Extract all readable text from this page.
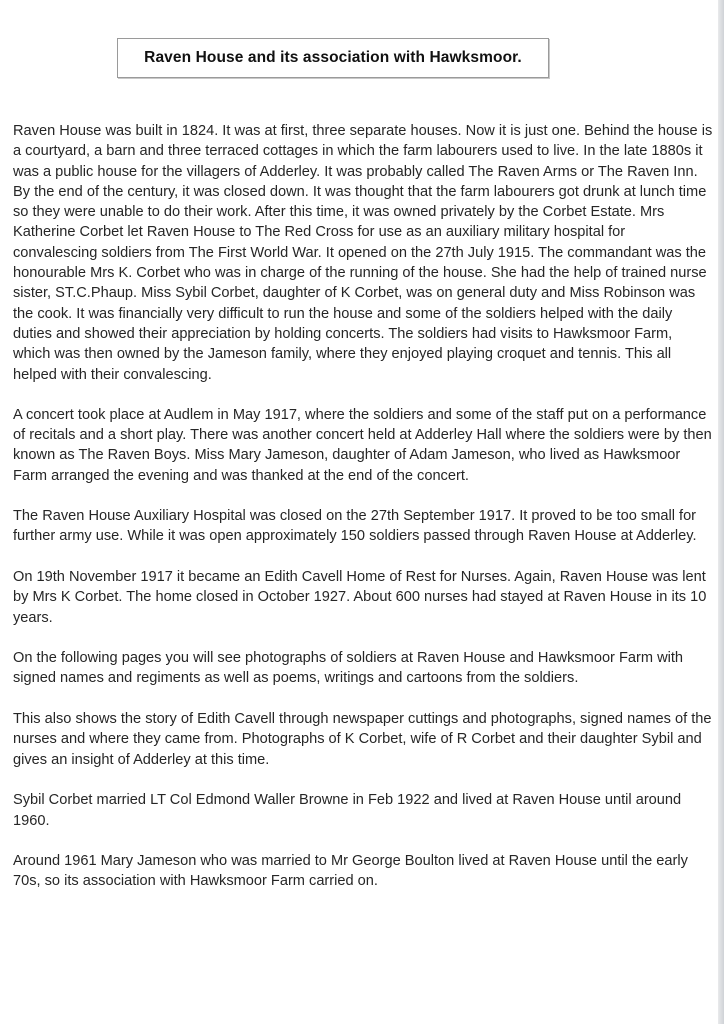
Raven House and its association with Hawksmoor.

Raven House was built in 1824. It was at first, three separate houses. Now it is just one. Behind the house is a courtyard, a barn and three terraced cottages in which the farm labourers used to live. In the late 1880s it was a public house for the villagers of Adderley. It was probably called The Raven Arms or The Raven Inn. By the end of the century, it was closed down. It was thought that the farm labourers got drunk at lunch time so they were unable to do their work. After this time, it was owned privately by the Corbet Estate. Mrs Katherine Corbet let Raven House to The Red Cross for use as an auxiliary military hospital for convalescing soldiers from The First World War. It opened on the 27th July 1915. The commandant was the honourable Mrs K. Corbet who was in charge of the running of the house. She had the help of trained nurse sister, ST.C.Phaup. Miss Sybil Corbet, daughter of K Corbet, was on general duty and Miss Robinson was the cook. It was financially very difficult to run the house and some of the soldiers helped with the daily duties and showed their appreciation by holding concerts. The soldiers had visits to Hawksmoor Farm, which was then owned by the Jameson family, where they enjoyed playing croquet and tennis. This all helped with their convalescing.

A concert took place at Audlem in May 1917, where the soldiers and some of the staff put on a performance of recitals and a short play. There was another concert held at Adderley Hall where the soldiers were by then known as The Raven Boys. Miss Mary Jameson, daughter of Adam Jameson, who lived as Hawksmoor Farm arranged the evening and was thanked at the end of the concert.

The Raven House Auxiliary Hospital was closed on the 27th September 1917. It proved to be too small for further army use. While it was open approximately 150 soldiers passed through Raven House at Adderley.

On 19th November 1917 it became an Edith Cavell Home of Rest for Nurses. Again, Raven House was lent by Mrs K Corbet. The home closed in October 1927. About 600 nurses had stayed at Raven House in its 10 years.

On the following pages you will see photographs of soldiers at Raven House and Hawksmoor Farm with signed names and regiments as well as poems, writings and cartoons from the soldiers.

This also shows the story of Edith Cavell through newspaper cuttings and photographs, signed names of the nurses and where they came from. Photographs of K Corbet, wife of R Corbet and their daughter Sybil and gives an insight of Adderley at this time.

Sybil Corbet married LT Col Edmond Waller Browne in Feb 1922 and lived at Raven House until around 1960.

Around 1961 Mary Jameson who was married to Mr George Boulton lived at Raven House until the early 70s, so its association with Hawksmoor Farm carried on.
